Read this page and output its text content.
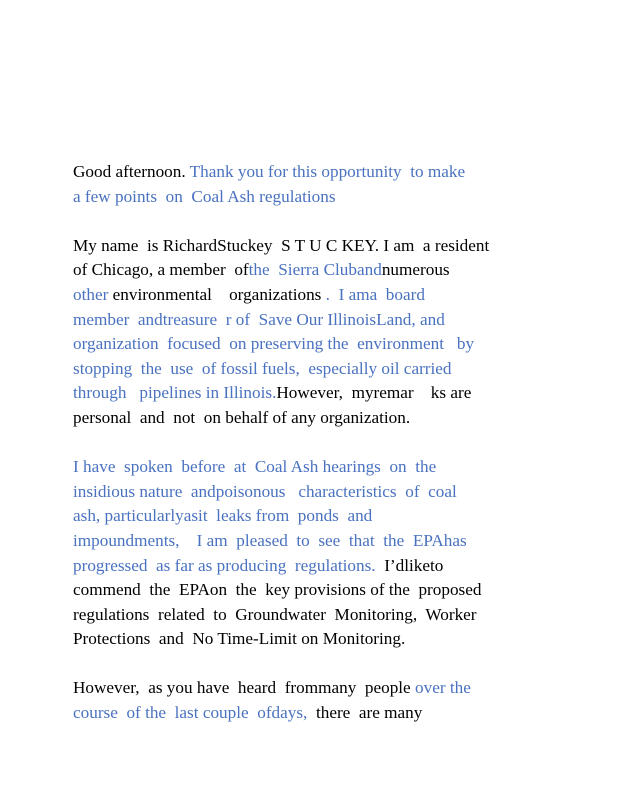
Good afternoon. Thank you for this opportunity  to make
a few points  on  Coal Ash regulations

My name  is RichardStuckey  S T U C KEY. I am  a resident
of Chicago, a member  ofthe  Sierra Clubandnumerous
other environmental    organizations .  I ama  board
member  andtreasure  r of  Save Our IllinoisLand, and
organization  focused  on preserving the  environment   by
stopping  the  use  of fossil fuels,  especially oil carried
through   pipelines in Illinois.However,  myremar    ks are
personal  and  not  on behalf of any organization.

I have  spoken  before  at  Coal Ash hearings  on  the
insidious nature  andpoisonous   characteristics  of  coal
ash, particularlyasit  leaks from  ponds  and
impoundments,    I am  pleased  to  see  that  the  EPAhas
progressed  as far as producing  regulations.  I’dliketo
commend  the  EPAon  the  key provisions of the  proposed
regulations  related  to  Groundwater  Monitoring,  Worker
Protections  and  No Time-Limit on Monitoring.

However,  as you have  heard  frommany  people over the
course  of the  last couple  ofdays,  there  are many
